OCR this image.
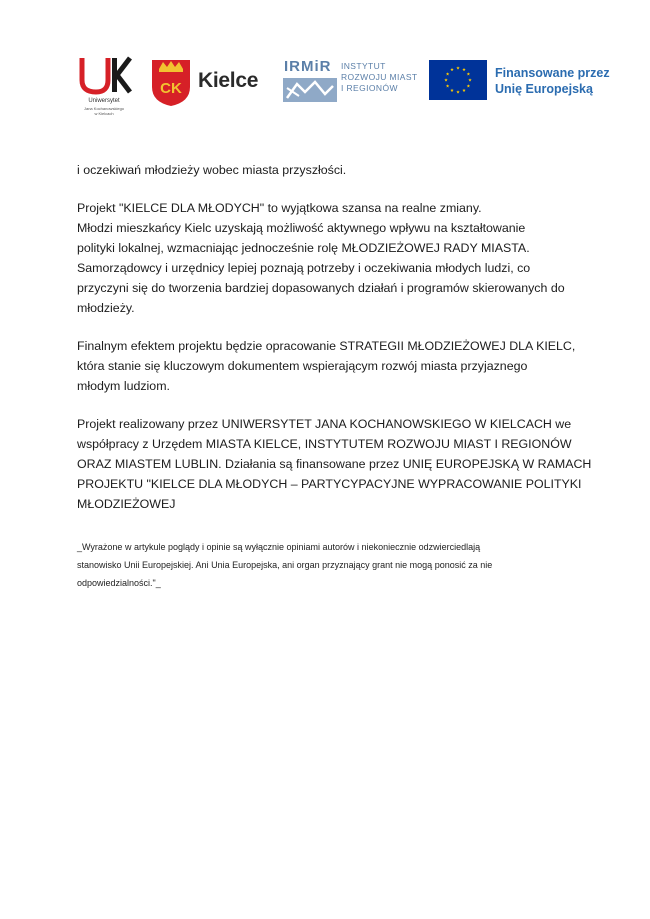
Uniwersytet
Jana Kochanowskiego
w Kielcach
CK Kielce
IRMiR INSTYTUT
ROZWOJU MIAST
I REGIONÓW
Finansowane przez
Unię Europejską

i oczekiwań młodzieży wobec miasta przyszłości.

Projekt "KIELCE DLA MŁODYCH" to wyjątkowa szansa na realne zmiany.
Młodzi mieszkańcy Kielc uzyskają możliwość aktywnego wpływu na kształtowanie
polityki lokalnej, wzmacniając jednocześnie rolę MŁODZIEŻOWEJ RADY MIASTA.
Samorządowcy i urzędnicy lepiej poznają potrzeby i oczekiwania młodych ludzi, co
przyczyni się do tworzenia bardziej dopasowanych działań i programów skierowanych do
młodzieży.

Finalnym efektem projektu będzie opracowanie STRATEGII MŁODZIEŻOWEJ DLA KIELC,
która stanie się kluczowym dokumentem wspierającym rozwój miasta przyjaznego
młodym ludziom.

Projekt realizowany przez UNIWERSYTET JANA KOCHANOWSKIEGO W KIELCACH we
współpracy z Urzędem MIASTA KIELCE, INSTYTUTEM ROZWOJU MIAST I REGIONÓW
ORAZ MIASTEM LUBLIN. Działania są finansowane przez UNIĘ EUROPEJSKĄ W RAMACH
PROJEKTU "KIELCE DLA MŁODYCH – PARTYCYPACYJNE WYPRACOWANIE POLITYKI
MŁODZIEŻOWEJ

_Wyrażone w artykule poglądy i opinie są wyłącznie opiniami autorów i niekoniecznie odzwierciedlają
stanowisko Unii Europejskiej. Ani Unia Europejska, ani organ przyznający grant nie mogą ponosić za nie
odpowiedzialności."_
